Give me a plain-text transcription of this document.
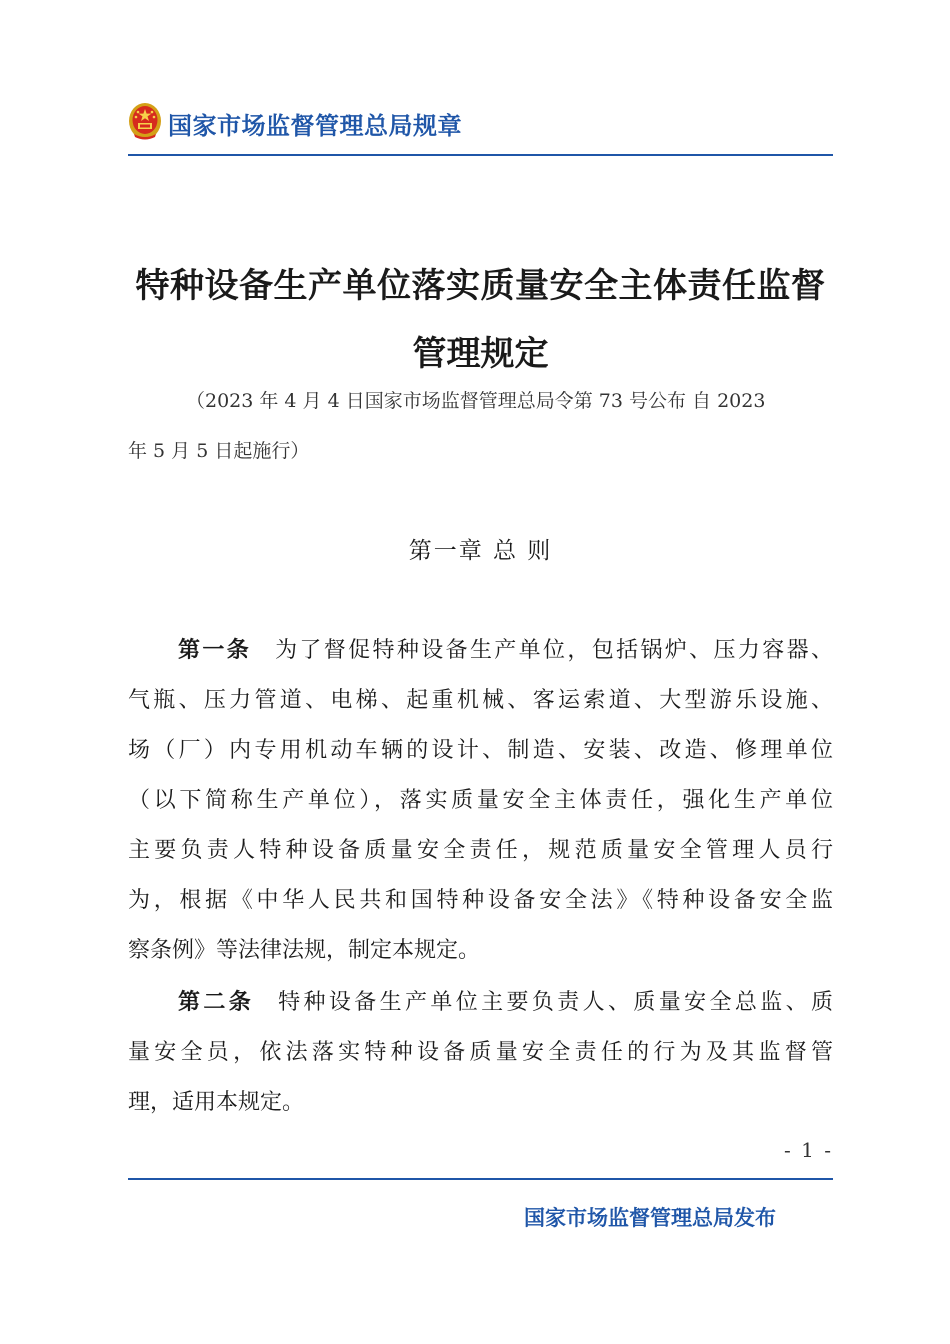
国家市场监督管理总局规章
特种设备生产单位落实质量安全主体责任监督
管理规定
（2023 年 4 月 4 日国家市场监督管理总局令第 73 号公布 自 2023
年 5 月 5 日起施行）
第一章 总 则
第一条 为了督促特种设备生产单位，包括锅炉、压力容器、
气瓶、压力管道、电梯、起重机械、客运索道、大型游乐设施、
场（厂）内专用机动车辆的设计、制造、安装、改造、修理单位
（以下简称生产单位），落实质量安全主体责任，强化生产单位
主要负责人特种设备质量安全责任，规范质量安全管理人员行
为，根据《中华人民共和国特种设备安全法》《特种设备安全监
察条例》等法律法规，制定本规定。
第二条 特种设备生产单位主要负责人、质量安全总监、质
量安全员，依法落实特种设备质量安全责任的行为及其监督管
理，适用本规定。
- 1 -
国家市场监督管理总局发布
